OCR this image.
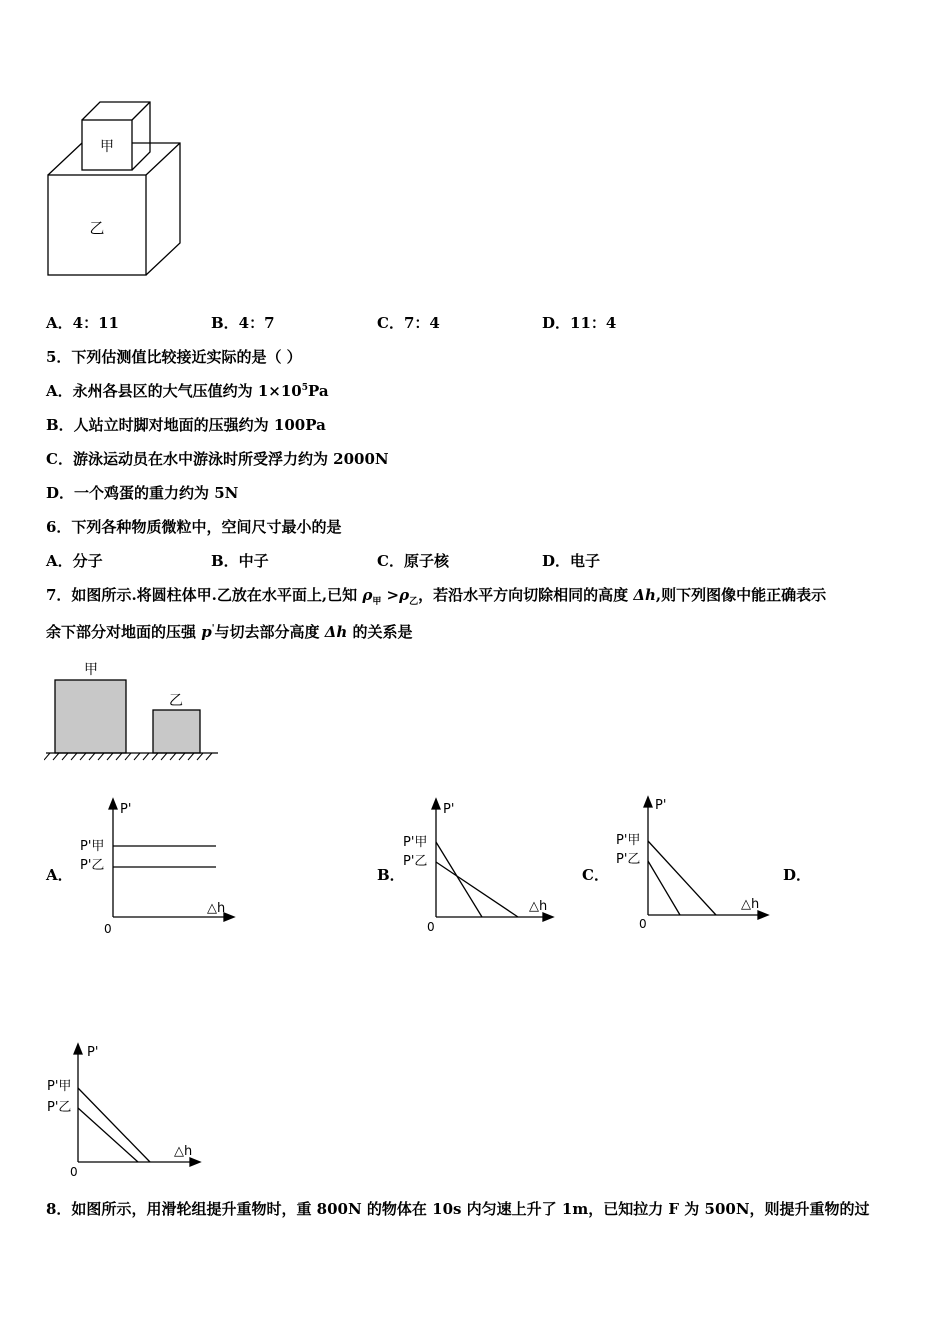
甲
乙
A．4：11	B．4：7	C．7：4	D．11：4
5．下列估测值比较接近实际的是（ ）
A．永州各县区的大气压值约为 $1\times 10^5Pa$
B．人站立时脚对地面的压强约为 100Pa
C．游泳运动员在水中游泳时所受浮力约为 2000N
D．一个鸡蛋的重力约为 5N
6．下列各种物质微粒中，空间尺寸最小的是
A．分子	B．中子	C．原子核	D．电子
7．如图所示.将圆柱体甲.乙放在水平面上,已知 $\rho_甲 >\rho_乙$，若沿水平方向切除相同的高度 Δh,则下列图像中能正确表示
余下部分对地面的压强 p'与切去部分高度 Δh 的关系是
甲
乙
A．
P'
P'甲
P'乙
△h
0
B．
P'
P'甲
P'乙
△h
0
C．
P'
P'甲
P'乙
△h
0
D．
P'
P'甲
P'乙
△h
0
8．如图所示，用滑轮组提升重物时，重 800N 的物体在 10s 内匀速上升了 1m，已知拉力 F 为 500N，则提升重物的过
